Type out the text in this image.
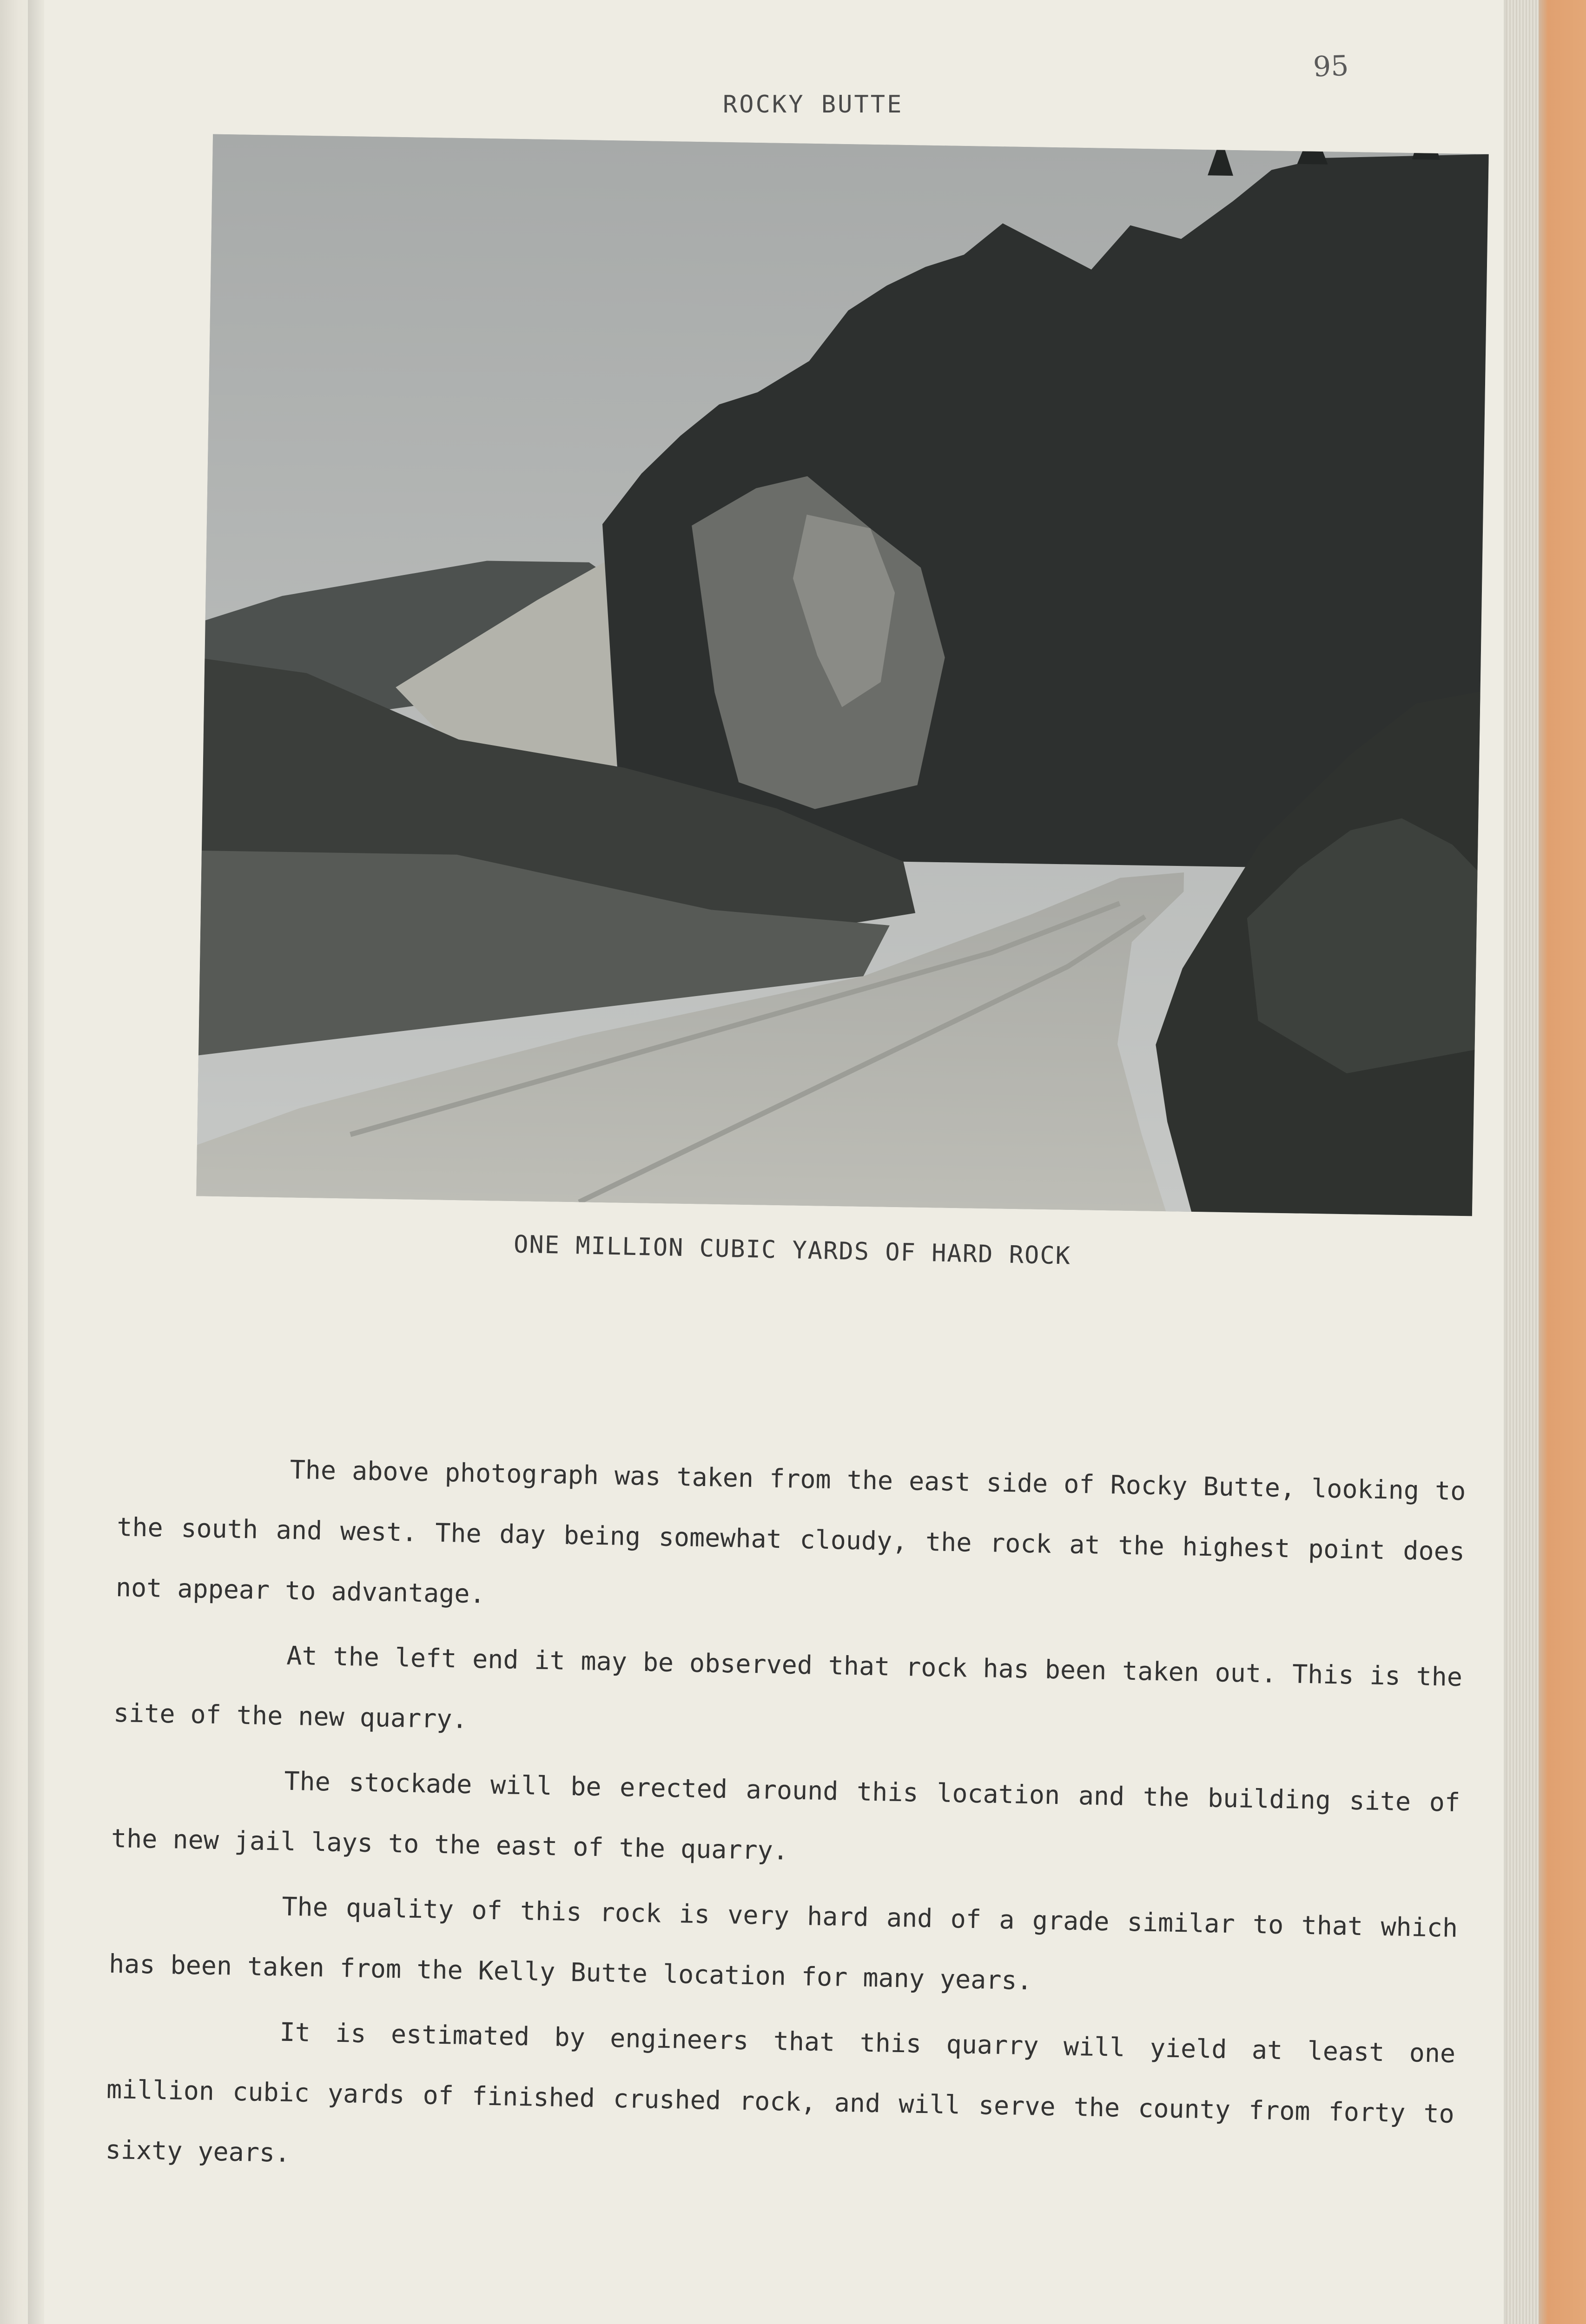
95
ROCKY BUTTE
ONE MILLION CUBIC YARDS OF HARD ROCK

The above photograph was taken from the east side of Rocky Butte, looking to the south and west. The day being somewhat cloudy, the rock at the highest point does not appear to advantage.

At the left end it may be observed that rock has been taken out. This is the site of the new quarry.

The stockade will be erected around this location and the building site of the new jail lays to the east of the quarry.

The quality of this rock is very hard and of a grade similar to that which has been taken from the Kelly Butte location for many years.

It is estimated by engineers that this quarry will yield at least one million cubic yards of finished crushed rock, and will serve the county from forty to sixty years.
